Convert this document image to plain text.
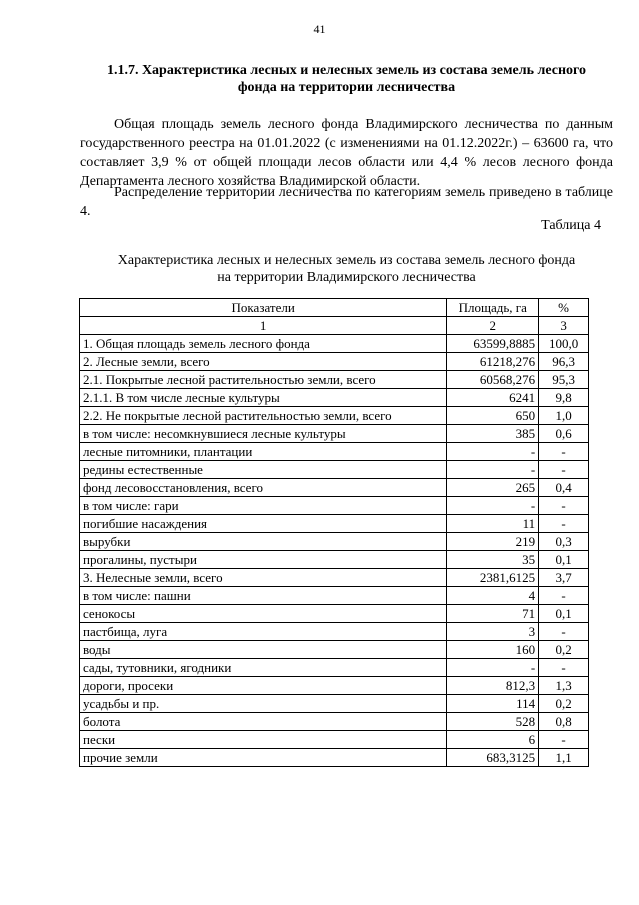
41
1.1.7. Характеристика лесных и нелесных земель из состава земель лесного
фонда на территории лесничества

Общая площадь земель лесного фонда Владимирского лесничества по данным государственного реестра на 01.01.2022 (с изменениями на 01.12.2022г.) – 63600 га, что составляет 3,9 % от общей площади лесов области или 4,4 % лесов лесного фонда Департамента лесного хозяйства Владимирской области.

Распределение территории лесничества по категориям земель приведено в таблице 4.

Таблица 4
Характеристика лесных и нелесных земель из состава земель лесного фонда
на территории Владимирского лесничества
Показатели	Площадь, га	%
1	2	3
1. Общая площадь земель лесного фонда	63599,8885	100,0
2. Лесные земли, всего	61218,276	96,3
2.1. Покрытые лесной растительностью земли, всего	60568,276	95,3
2.1.1. В том числе лесные культуры	6241	9,8
2.2. Не покрытые лесной растительностью земли, всего	650	1,0
в том числе: несомкнувшиеся лесные культуры	385	0,6
лесные питомники, плантации	-	-
редины естественные	-	-
фонд лесовосстановления, всего	265	0,4
в том числе: гари	-	-
погибшие насаждения	11	-
вырубки	219	0,3
прогалины, пустыри	35	0,1
3. Нелесные земли, всего	2381,6125	3,7
в том числе: пашни	4	-
сенокосы	71	0,1
пастбища, луга	3	-
воды	160	0,2
сады, тутовники, ягодники	-	-
дороги, просеки	812,3	1,3
усадьбы и пр.	114	0,2
болота	528	0,8
пески	6	-
прочие земли	683,3125	1,1
